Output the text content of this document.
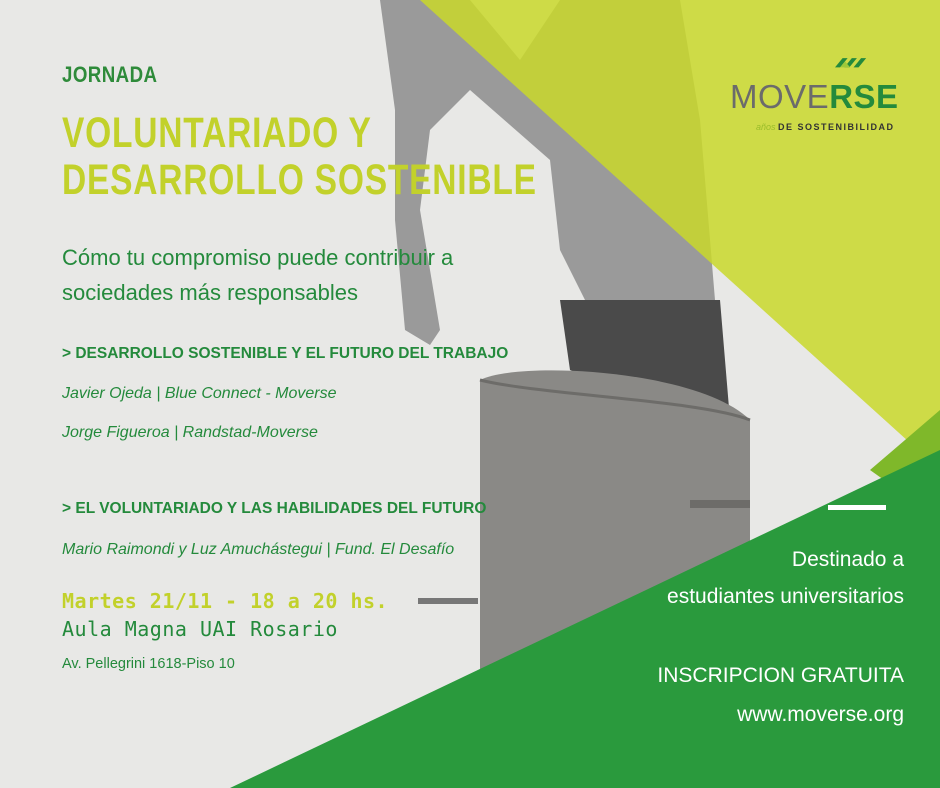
MOVERSE
años DE SOSTENIBILIDAD

JORNADA

VOLUNTARIADO Y
DESARROLLO SOSTENIBLE
Cómo tu compromiso puede contribuir a
sociedades más responsables

> DESARROLLO SOSTENIBLE Y EL FUTURO DEL TRABAJO

Javier Ojeda | Blue Connect - Moverse

Jorge Figueroa | Randstad-Moverse

> EL VOLUNTARIADO Y LAS HABILIDADES DEL FUTURO

Mario Raimondi y Luz Amuchástegui | Fund. El Desafío

Martes 21/11 - 18 a 20 hs.

Aula Magna UAI Rosario

Av. Pellegrini 1618-Piso 10

Destinado a

estudiantes universitarios

INSCRIPCION GRATUITA

www.moverse.org
